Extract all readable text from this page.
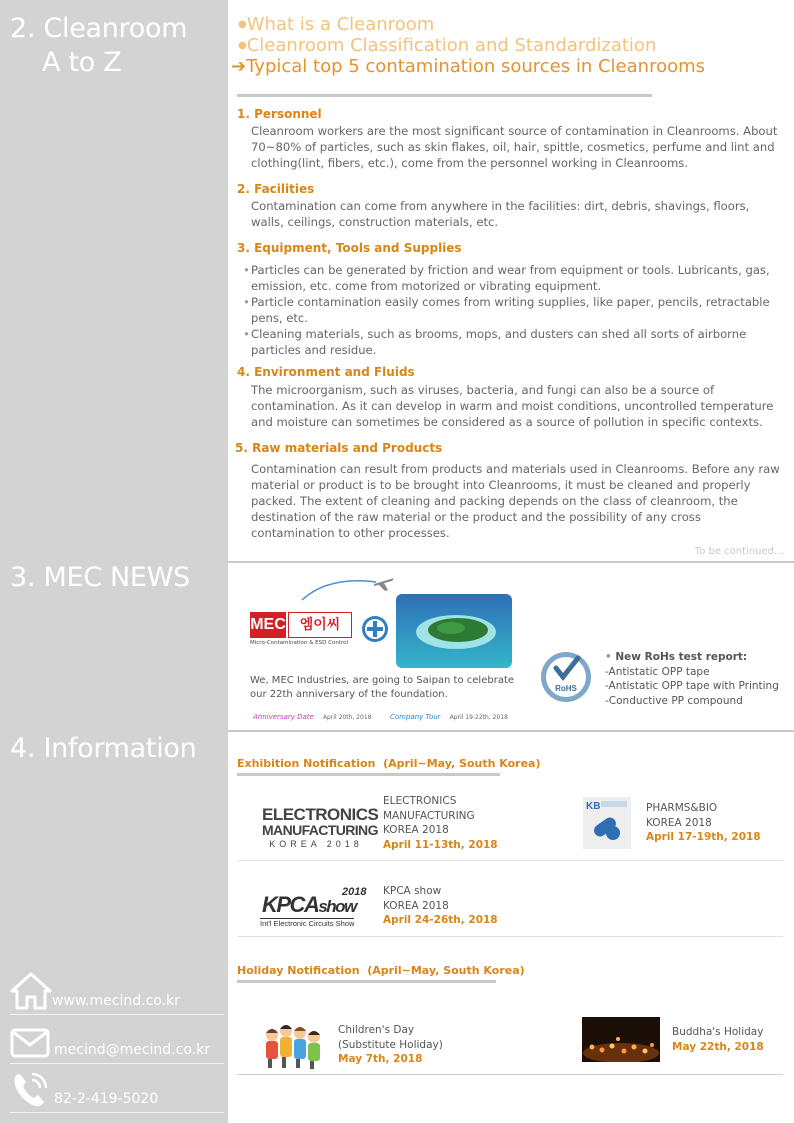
2. Cleanroom
A to Z
3. MEC NEWS
4. Information
www.mecind.co.kr
mecind@mecind.co.kr
82-2-419-5020
●What is a Cleanroom
●Cleanroom Classification and Standardization
➔Typical top 5 contamination sources in Cleanrooms
1. Personnel
Cleanroom workers are the most significant source of contamination in Cleanrooms. About 70~80% of particles, such as skin flakes, oil, hair, spittle, cosmetics, perfume and lint and clothing(lint, fibers, etc.), come from the personnel working in Cleanrooms.
2. Facilities
Contamination can come from anywhere in the facilities: dirt, debris, shavings, floors, walls, ceilings, construction materials, etc.
3. Equipment, Tools and Supplies
• Particles can be generated by friction and wear from equipment or tools. Lubricants, gas, emission, etc. come from motorized or vibrating equipment.
• Particle contamination easily comes from writing supplies, like paper, pencils, retractable pens, etc.
• Cleaning materials, such as brooms, mops, and dusters can shed all sorts of airborne particles and residue.
4. Environment and Fluids
The microorganism, such as viruses, bacteria, and fungi can also be a source of contamination. As it can develop in warm and moist conditions, uncontrolled temperature and moisture can sometimes be considered as a source of pollution in specific contexts.
5. Raw materials and Products
Contamination can result from products and materials used in Cleanrooms. Before any raw material or product is to be brought into Cleanrooms, it must be cleaned and properly packed. The extent of cleaning and packing depends on the class of cleanroom, the destination of the raw material or the product and the possibility of any cross contamination to other processes.
To be continued…
MEC 엠이씨
Micro-Contamination & ESD Control
We, MEC Industries, are going to Saipan to celebrate our 22th anniversary of the foundation.
Anniversary Date April 20th, 2018	Company Tour April 19-22th, 2018
RoHS
• New RoHs test report:
-Antistatic OPP tape
-Antistatic OPP tape with Printing
-Conductive PP compound
Exhibition Notification (April~May, South Korea)
ELECTRONICS
MANUFACTURING
KOREA 2018
ELECTRONICS
MANUFACTURING
KOREA 2018
April 11-13th, 2018
KB	PHARMS&BIO
KOREA 2018
April 17-19th, 2018
KPCAshow
2018
Int'l Electronic Circuits Show
KPCA show
KOREA 2018
April 24-26th, 2018
Holiday Notification (April~May, South Korea)
Children's Day
(Substitute Holiday)
May 7th, 2018
Buddha's Holiday
May 22th, 2018
